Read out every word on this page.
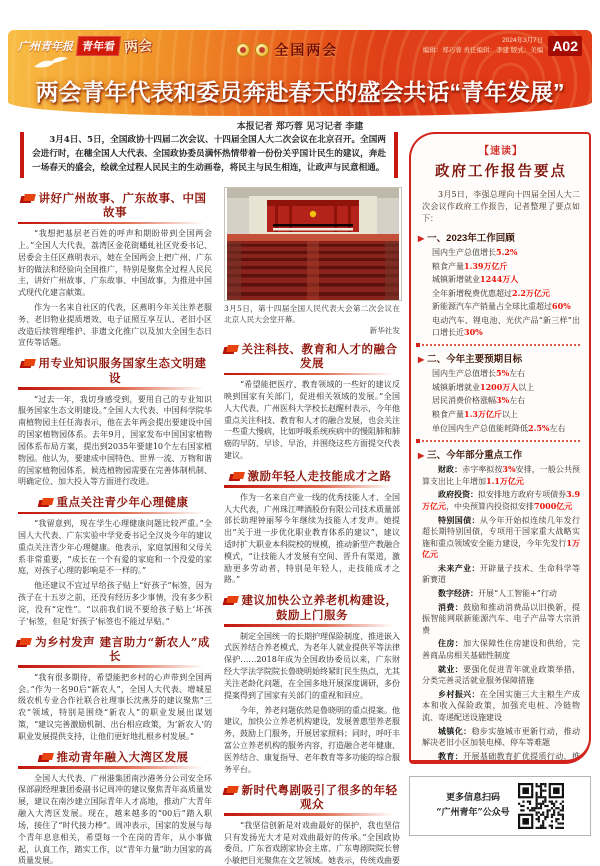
广州青年报 青年看 两会	全国两会
2024年3月7日
编辑：郑巧蓉 责任编辑：李建 版式：美编 A02
两会青年代表和委员奔赴春天的盛会共话“青年发展”
本报记者 郑巧蓉 见习记者 李建

3月4日、5日，全国政协十四届二次会议、十四届全国人大二次会议在北京召开。全国两会进行时，在穗全国人大代表、全国政协委员满怀热情带着一份份关乎国计民生的建议，奔赴一场春天的盛会，绘就全过程人民民主的生动画卷，将民主与民生相连，让政声与民意相通。

讲好广州故事、广东故事、中国故事

“我想把基层老百姓的呼声和期盼带到全国两会上。”全国人大代表，荔湾区金花街蟠虬社区党委书记、居委会主任区燕明表示，她在全国两会上把广州、广东好的做法和经验向全国推广，特别是聚焦全过程人民民主，讲好广州故事、广东故事、中国故事，为推进中国式现代化建言献策。

作为一名来自社区的代表，区燕明今年关注养老服务、老旧物业提质增效、电子证照互享互认、老旧小区改造后续管理维护、非遗文化推广以及加大全国生态日宣传等话题。

用专业知识服务国家生态文明建设

“过去一年，我切身感受到，要用自己的专业知识服务国家生态文明建设。”全国人大代表、中国科学院华南植物园主任任海表示，他在去年两会提出要建设中国的国家植物园体系。去年9月，国家发布中国国家植物园体系布局方案，提出到2035年要建10个左右国家植物园。他认为，要建成中国特色、世界一流、万物和谐的国家植物园体系，候选植物园需要在完善体制机制、明确定位、加大投入等方面进行改进。

重点关注青少年心理健康

“我留意到，现在学生心理健康问题比较严重。”全国人大代表、广东实验中学党委书记全汉炎今年的建议重点关注青少年心理健康。他表示，家庭氛围和父母关系非常重要，“成长在一个有爱的家庭和一个没爱的家庭，对孩子心理的影响是不一样的。”

他还建议不宜过早给孩子贴上“好孩子”标签，因为孩子在十五岁之前，还没有经历多少事情，没有多少积淀，没有“定性”。“以前我们说不要给孩子贴上‘坏孩子’标签，但是‘好孩子’标签也不能过早贴。”

为乡村发声 建言助力“新农人”成长

“我有很多期待，希望能把乡村的心声带到全国两会。”作为一名90后“新农人”，全国人大代表、增城星级农机专业合作社联合社理事长沈燕芬的建议聚焦“三农”领域，特别是围绕“新农人”的职业发展出谋划策，“建议完善激励机制、出台相应政策，为‘新农人’的职业发展提供支持，让他们更好地扎根乡村发展。”

推动青年融入大湾区发展

全国人大代表、广州港集团南沙港务分公司安全环保部副经理兼团委副书记周冲的建议聚焦青年高质量发展，建议在南沙建立国际青年人才高地，推动广大青年融入大湾区发展。现在，越来越多的“00后”踏入职场，接住了“时代接力棒”。周冲表示，国家的发展与每个青年息息相关，希望每一个在岗的青年，从小事做起，认真工作，踏实工作，以“青年力量”助力国家的高质量发展。

3月5日，第十四届全国人民代表大会第二次会议在北京人民大会堂开幕。
新华社发
关注科技、教育和人才的融合发展

“希望能把医疗、教育领域的一些好的建议反映到国家有关部门，促进相关领域的发展。”全国人大代表、广州医科大学校长赵醒村表示，今年他重点关注科技、教育和人才的融合发展，也会关注一些重大慢病，比如呼吸系统疾病中的慢阻肺和肺癌的早防、早诊、早治，并围绕这些方面提交代表建议。

激励年轻人走技能成才之路

作为一名来自产业一线的优秀技能人才、全国人大代表，广州珠江啤酒股份有限公司技术质量部部长助理钟丽琴今年继续为技能人才发声。她提出“关于进一步优化职业教育体系的建议”，建议适时扩大职业本科院校的规模，推动新型产教融合模式，“让技能人才发展有空间、晋升有渠道，激励更多劳动者，特别是年轻人，走技能成才之路。”

建议加快公立养老机构建设，
鼓励上门服务

制定全国统一的长期护理保险制度、推进嵌入式医养结合养老模式、为老年人就业提供平等法律保护……2018年成为全国政协委员以来，广东财经大学法学院院长鲁晓明始终紧盯民生热点，尤其关注老龄化问题，在全国多地开展深度调研，多份提案得到了国家有关部门的重视和回应。

今年，养老问题依然是鲁晓明的重点提案。他建议，加快公立养老机构建设，发展普惠型养老服务，鼓励上门服务，开展居家照料；同时，呼吁丰富公立养老机构的服务内容，打造融合老年健康、医养结合、康复指导、老年教育等多功能的综合服务平台。

新时代粤剧吸引了很多的年轻观众

“我坚信创新是对戏曲最好的保护，我也坚信只有发扬光大才是对戏曲最好的传承。”全国政协委员、广东省戏剧家协会主席、广东粤剧院院长曾小敏把目光聚焦在文艺领域。她表示，传统戏曲要

【速读】
政府工作报告要点

3月5日，李强总理向十四届全国人大二次会议作政府工作报告，记者整理了要点如下：

▶ 一、2023年工作回顾

国内生产总值增长5.2%

粮食产量1.39万亿斤

城镇新增就业1244万人

全年新增税费优惠超过2.2万亿元

新能源汽车产销量占全球比重超过60%

电动汽车、锂电池、光伏产品“新三样”出口增长近30%

▶ 二、今年主要预期目标

国内生产总值增长5%左右

城镇新增就业1200万人以上

居民消费价格涨幅3%左右

粮食产量1.3万亿斤以上

单位国内生产总值能耗降低2.5%左右

▶ 三、今年部分重点工作

财政：赤字率拟按3%安排，一般公共预算支出比上年增加1.1万亿元

政府投资：拟安排地方政府专项债券3.9万亿元，中央预算内投资拟安排7000亿元

特别国债：从今年开始拟连续几年发行超长期特别国债，专项用于国家重大战略实施和重点领域安全能力建设，今年先发行1万亿元

未来产业：开辟量子技术、生命科学等新赛道

数字经济：开展“人工智能+”行动

消费：鼓励和推动消费品以旧换新，提振智能网联新能源汽车、电子产品等大宗消费

住房：加大保障性住房建设和供给，完善商品房相关基础性制度

就业：要强化促进青年就业政策举措，分类完善灵活就业服务保障措施

乡村振兴：在全国实施三大主粮生产成本和收入保险政策，加强充电桩、冷链物流、寄递配送设施建设

城镇化：稳步实施城市更新行动，推动解决老旧小区加装电梯、停车等难题

教育：开展基础教育扩优提质行动，推

更多信息扫码
“广州青年”公众号
